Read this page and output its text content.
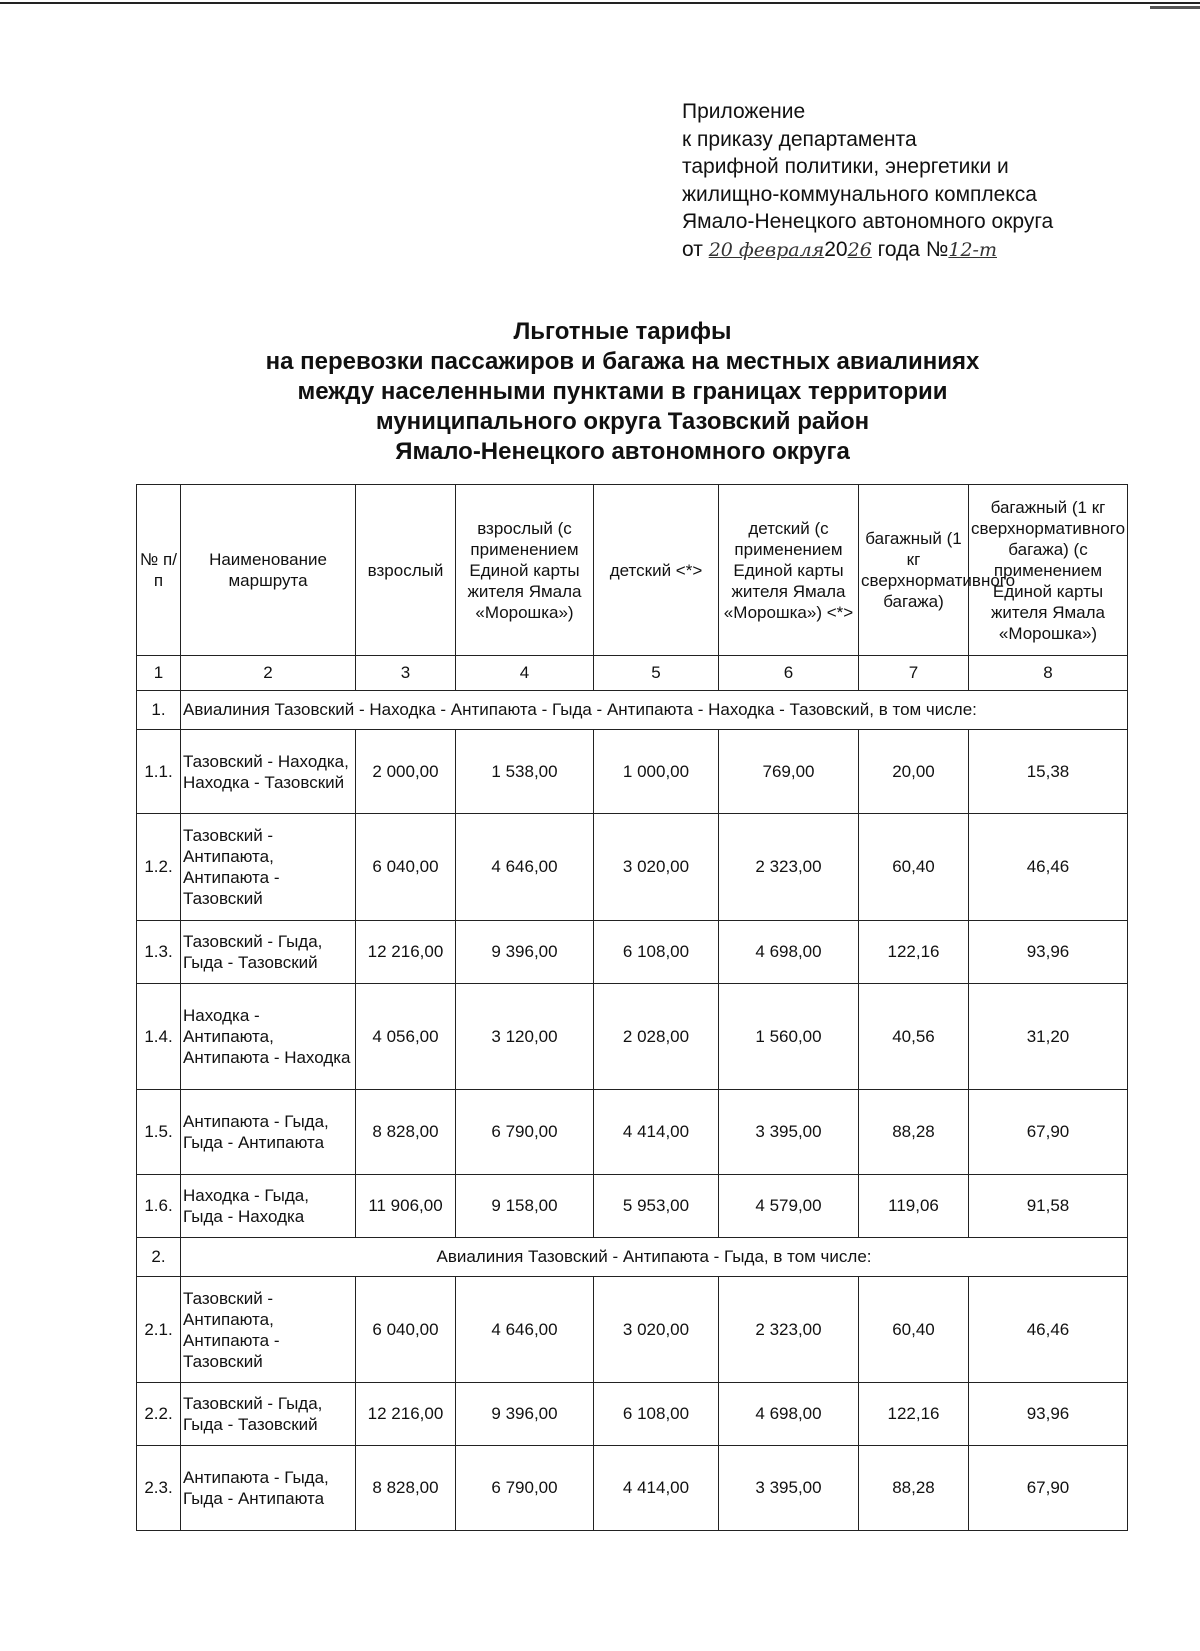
Приложение
к приказу департамента
тарифной политики, энергетики и
жилищно-коммунального комплекса
Ямало-Ненецкого автономного округа
от 20 февраля2026 года №12-т
Льготные тарифы
на перевозки пассажиров и багажа на местных авиалиниях
между населенными пунктами в границах территории
муниципального округа Тазовский район
Ямало-Ненецкого автономного округа
№ п/п	Наименование маршрута	взрослый	взрослый (с применением Единой карты жителя Ямала «Морошка»)	детский <*>	детский (с применением Единой карты жителя Ямала «Морошка») <*>	багажный (1 кг сверхнормативного багажа)	багажный (1 кг сверхнормативного багажа) (с применением Единой карты жителя Ямала «Морошка»)
1	2	3	4	5	6	7	8
1.	Авиалиния Тазовский - Находка - Антипаюта - Гыда - Антипаюта - Находка - Тазовский, в том числе:						
1.1.	Тазовский - Находка, Находка - Тазовский	2 000,00	1 538,00	1 000,00	769,00	20,00	15,38
1.2.	Тазовский - Антипаюта, Антипаюта - Тазовский	6 040,00	4 646,00	3 020,00	2 323,00	60,40	46,46
1.3.	Тазовский - Гыда, Гыда - Тазовский	12 216,00	9 396,00	6 108,00	4 698,00	122,16	93,96
1.4.	Находка - Антипаюта, Антипаюта - Находка	4 056,00	3 120,00	2 028,00	1 560,00	40,56	31,20
1.5.	Антипаюта - Гыда, Гыда - Антипаюта	8 828,00	6 790,00	4 414,00	3 395,00	88,28	67,90
1.6.	Находка - Гыда, Гыда - Находка	11 906,00	9 158,00	5 953,00	4 579,00	119,06	91,58
2.	Авиалиния Тазовский - Антипаюта - Гыда, в том числе:						
2.1.	Тазовский - Антипаюта, Антипаюта - Тазовский	6 040,00	4 646,00	3 020,00	2 323,00	60,40	46,46
2.2.	Тазовский - Гыда, Гыда - Тазовский	12 216,00	9 396,00	6 108,00	4 698,00	122,16	93,96
2.3.	Антипаюта - Гыда, Гыда - Антипаюта	8 828,00	6 790,00	4 414,00	3 395,00	88,28	67,90
